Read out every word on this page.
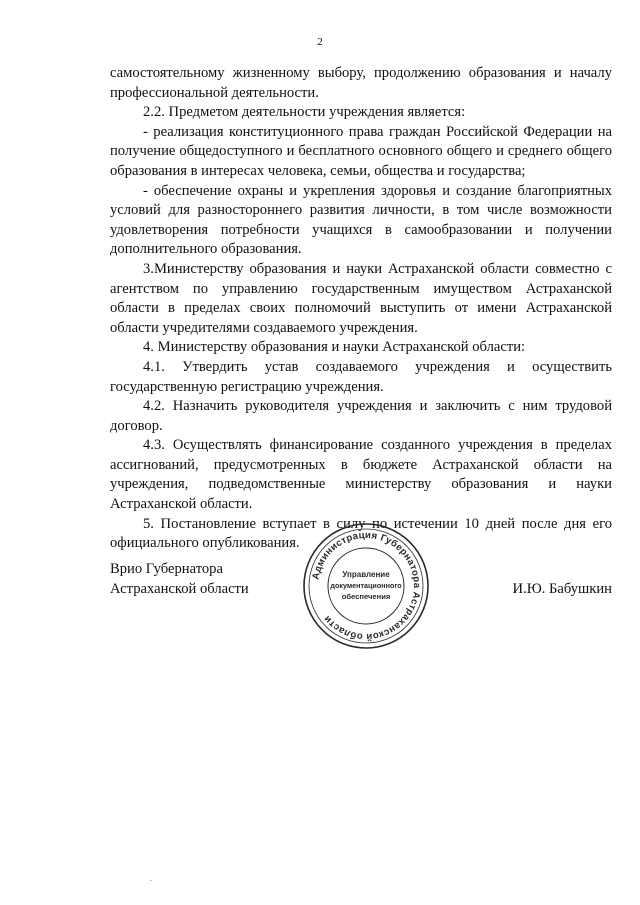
2

самостоятельному жизненному выбору, продолжению образования и началу профессиональной деятельности.

2.2. Предметом деятельности учреждения является:

- реализация конституционного права граждан Российской Федерации на получение общедоступного и бесплатного основного общего и среднего общего образования в интересах человека, семьи, общества и государства;

- обеспечение охраны и укрепления здоровья и создание благоприятных условий для разностороннего развития личности, в том числе возможности удовлетворения потребности учащихся в самообразовании и получении дополнительного образования.

3.Министерству образования и науки Астраханской области совместно с агентством по управлению государственным имуществом Астраханской области в пределах своих полномочий выступить от имени Астраханской области учредителями создаваемого учреждения.

4. Министерству образования и науки Астраханской области:

4.1. Утвердить устав создаваемого учреждения и осуществить государственную регистрацию учреждения.

4.2. Назначить руководителя учреждения и заключить с ним трудовой договор.

4.3. Осуществлять финансирование созданного учреждения в пределах ассигнований, предусмотренных в бюджете Астраханской области на учреждения, подведомственные министерству образования и науки Астраханской области.

5. Постановление вступает в силу по истечении 10 дней после дня его официального опубликования.

Врио Губернатора
Астраханской области
Администрация Губернатора Астраханской области
Управление
документационного
обеспечения	И.Ю. Бабушкин
